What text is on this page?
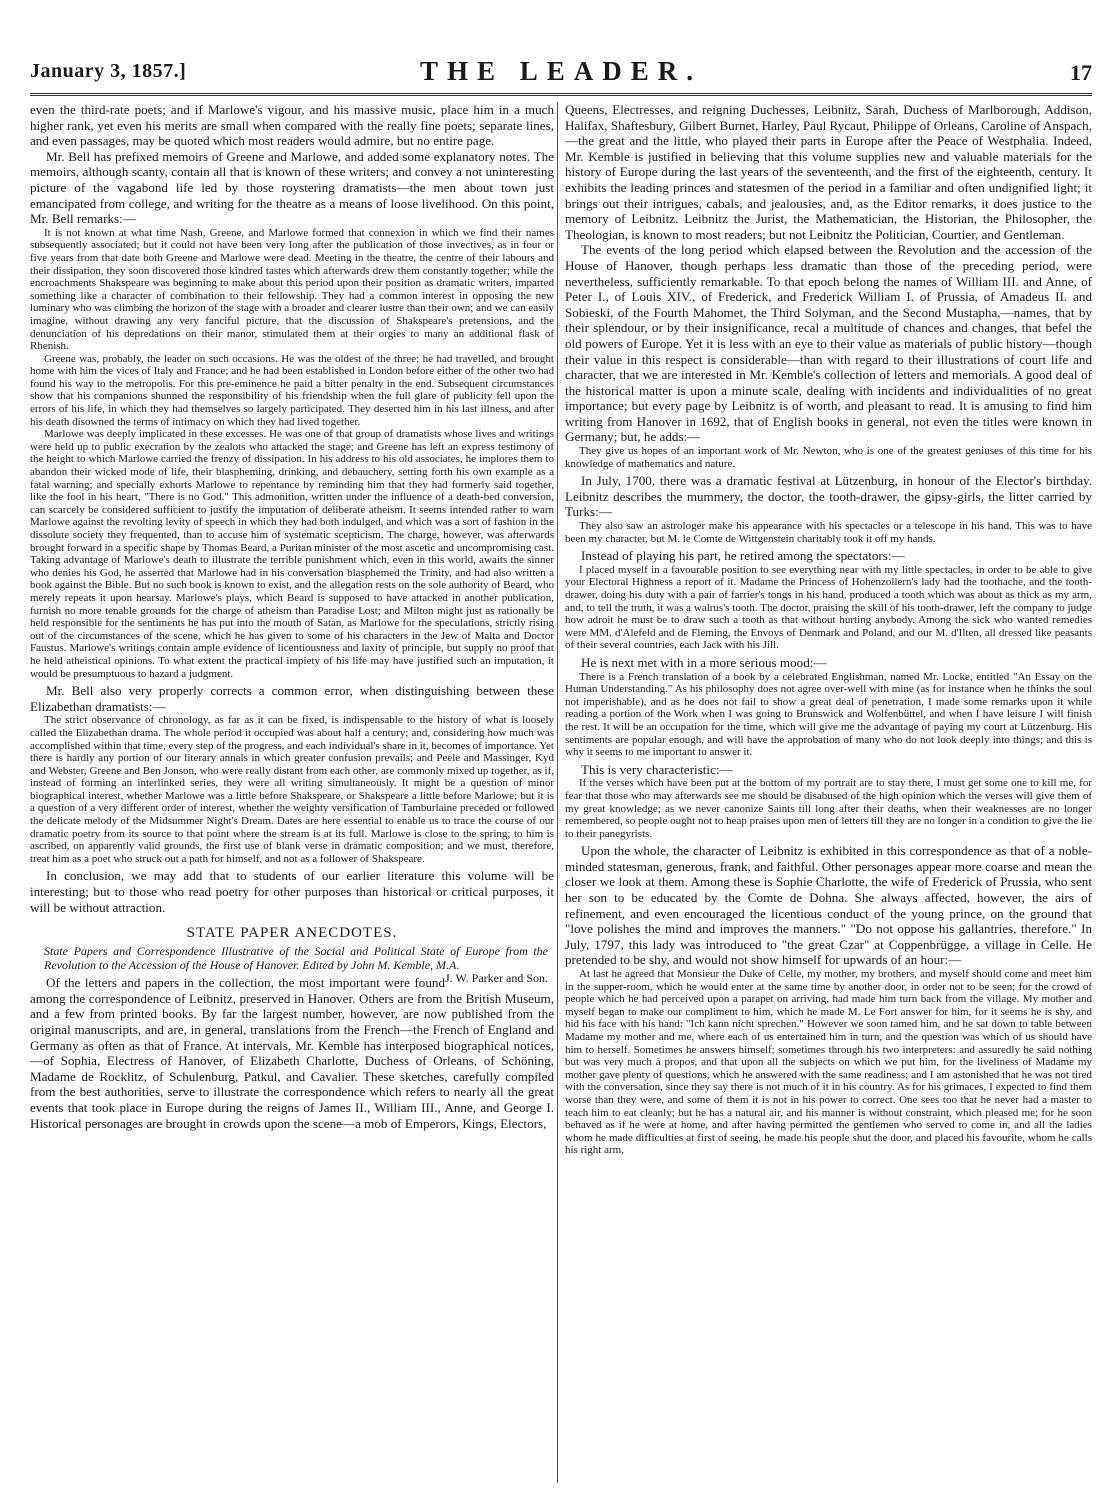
January 3, 1857.]	THE LEADER.	17

even the third-rate poets; and if Marlowe's vigour, and his massive music, place him in a much higher rank, yet even his merits are small when compared with the really fine poets; separate lines, and even passages, may be quoted which most readers would admire, but no entire page.

Mr. Bell has prefixed memoirs of Greene and Marlowe, and added some explanatory notes. The memoirs, although scanty, contain all that is known of these writers; and convey a not uninteresting picture of the vagabond life led by those roystering dramatists—the men about town just emancipated from college, and writing for the theatre as a means of loose livelihood. On this point, Mr. Bell remarks:—

It is not known at what time Nash, Greene, and Marlowe formed that connexion in which we find their names subsequently associated; but it could not have been very long after the publication of those invectives, as in four or five years from that date both Greene and Marlowe were dead. Meeting in the theatre, the centre of their labours and their dissipation, they soon discovered those kindred tastes which afterwards drew them constantly together; while the encroachments Shakspeare was beginning to make about this period upon their position as dramatic writers, imparted something like a character of combination to their fellowship. They had a common interest in opposing the new luminary who was climbing the horizon of the stage with a broader and clearer lustre than their own; and we can easily imagine, without drawing any very fanciful picture, that the discussion of Shakspeare's pretensions, and the denunciation of his depredations on their manor, stimulated them at their orgies to many an additional flask of Rhenish.

Greene was, probably, the leader on such occasions. He was the oldest of the three; he had travelled, and brought home with him the vices of Italy and France; and he had been established in London before either of the other two had found his way to the metropolis. For this pre-eminence he paid a bitter penalty in the end. Subsequent circumstances show that his companions shunned the responsibility of his friendship when the full glare of publicity fell upon the errors of his life, in which they had themselves so largely participated. They deserted him in his last illness, and after his death disowned the terms of intimacy on which they had lived together.

Marlowe was deeply implicated in these excesses. He was one of that group of dramatists whose lives and writings were held up to public execration by the zealots who attacked the stage; and Greene has left an express testimony of the height to which Marlowe carried the frenzy of dissipation. In his address to his old associates, he implores them to abandon their wicked mode of life, their blaspheming, drinking, and debauchery, setting forth his own example as a fatal warning; and specially exhorts Marlowe to repentance by reminding him that they had formerly said together, like the fool in his heart, "There is no God." This admonition, written under the influence of a death-bed conversion, can scarcely be considered sufficient to justify the imputation of deliberate atheism. It seems intended rather to warn Marlowe against the revolting levity of speech in which they had both indulged, and which was a sort of fashion in the dissolute society they frequented, than to accuse him of systematic scepticism. The charge, however, was afterwards brought forward in a specific shape by Thomas Beard, a Puritan minister of the most ascetic and uncompromising cast. Taking advantage of Marlowe's death to illustrate the terrible punishment which, even in this world, awaits the sinner who denies his God, he asserted that Marlowe had in his conversation blasphemed the Trinity, and had also written a book against the Bible. But no such book is known to exist, and the allegation rests on the sole authority of Beard, who merely repeats it upon hearsay. Marlowe's plays, which Beard is supposed to have attacked in another publication, furnish no more tenable grounds for the charge of atheism than Paradise Lost; and Milton might just as rationally be held responsible for the sentiments he has put into the mouth of Satan, as Marlowe for the speculations, strictly rising out of the circumstances of the scene, which he has given to some of his characters in the Jew of Malta and Doctor Faustus. Marlowe's writings contain ample evidence of licentiousness and laxity of principle, but supply no proof that he held atheistical opinions. To what extent the practical impiety of his life may have justified such an imputation, it would be presumptuous to hazard a judgment.

Mr. Bell also very properly corrects a common error, when distinguishing between these Elizabethan dramatists:—

The strict observance of chronology, as far as it can be fixed, is indispensable to the history of what is loosely called the Elizabethan drama. The whole period it occupied was about half a century; and, considering how much was accomplished within that time, every step of the progress, and each individual's share in it, becomes of importance. Yet there is hardly any portion of our literary annals in which greater confusion prevails; and Peele and Massinger, Kyd and Webster, Greene and Ben Jonson, who were really distant from each other, are commonly mixed up together, as if, instead of forming an interlinked series, they were all writing simultaneously. It might be a question of minor biographical interest, whether Marlowe was a little before Shakspeare, or Shakspeare a little before Marlowe; but it is a question of a very different order of interest, whether the weighty versification of Tamburlaine preceded or followed the delicate melody of the Midsummer Night's Dream. Dates are here essential to enable us to trace the course of our dramatic poetry from its source to that point where the stream is at its full. Marlowe is close to the spring; to him is ascribed, on apparently valid grounds, the first use of blank verse in dramatic composition; and we must, therefore, treat him as a poet who struck out a path for himself, and not as a follower of Shakspeare.

In conclusion, we may add that to students of our earlier literature this volume will be interesting; but to those who read poetry for other purposes than historical or critical purposes, it will be without attraction.

STATE PAPER ANECDOTES.

State Papers and Correspondence Illustrative of the Social and Political State of Europe from the Revolution to the Accession of the House of Hanover. Edited by John M. Kemble, M.A.
J. W. Parker and Son.

Of the letters and papers in the collection, the most important were found among the correspondence of Leibnitz, preserved in Hanover. Others are from the British Museum, and a few from printed books. By far the largest number, however, are now published from the original manuscripts, and are, in general, translations from the French—the French of England and Germany as often as that of France. At intervals, Mr. Kemble has interposed biographical notices,—of Sophia, Electress of Hanover, of Elizabeth Charlotte, Duchess of Orleans, of Schöning, Madame de Rocklitz, of Schulenburg, Patkul, and Cavalier. These sketches, carefully compiled from the best authorities, serve to illustrate the correspondence which refers to nearly all the great events that took place in Europe during the reigns of James II., William III., Anne, and George I. Historical personages are brought in crowds upon the scene—a mob of Emperors, Kings, Electors,

Queens, Electresses, and reigning Duchesses, Leibnitz, Sarah, Duchess of Marlborough, Addison, Halifax, Shaftesbury, Gilbert Burnet, Harley, Paul Rycaut, Philippe of Orleans, Caroline of Anspach,—the great and the little, who played their parts in Europe after the Peace of Westphalia. Indeed, Mr. Kemble is justified in believing that this volume supplies new and valuable materials for the history of Europe during the last years of the seventeenth, and the first of the eighteenth, century. It exhibits the leading princes and statesmen of the period in a familiar and often undignified light; it brings out their intrigues, cabals, and jealousies, and, as the Editor remarks, it does justice to the memory of Leibnitz. Leibnitz the Jurist, the Mathematician, the Historian, the Philosopher, the Theologian, is known to most readers; but not Leibnitz the Politician, Courtier, and Gentleman.

The events of the long period which elapsed between the Revolution and the accession of the House of Hanover, though perhaps less dramatic than those of the preceding period, were nevertheless, sufficiently remarkable. To that epoch belong the names of William III. and Anne, of Peter I., of Louis XIV., of Frederick, and Frederick William I. of Prussia, of Amadeus II. and Sobieski, of the Fourth Mahomet, the Third Solyman, and the Second Mustapha,—names, that by their splendour, or by their insignificance, recal a multitude of chances and changes, that befel the old powers of Europe. Yet it is less with an eye to their value as materials of public history—though their value in this respect is considerable—than with regard to their illustrations of court life and character, that we are interested in Mr. Kemble's collection of letters and memorials. A good deal of the historical matter is upon a minute scale, dealing with incidents and individualities of no great importance; but every page by Leibnitz is of worth, and pleasant to read. It is amusing to find him writing from Hanover in 1692, that of English books in general, not even the titles were known in Germany; but, he adds:—

They give us hopes of an important work of Mr. Newton, who is one of the greatest geniuses of this time for his knowledge of mathematics and nature.

In July, 1700, there was a dramatic festival at Lützenburg, in honour of the Elector's birthday. Leibnitz describes the mummery, the doctor, the tooth-drawer, the gipsy-girls, the litter carried by Turks:—

They also saw an astrologer make his appearance with his spectacles or a telescope in his hand. This was to have been my character, but M. le Comte de Wittgenstein charitably took it off my hands.

Instead of playing his part, he retired among the spectators:—

I placed myself in a favourable position to see everything near with my little spectacles, in order to be able to give your Electoral Highness a report of it. Madame the Princess of Hohenzollern's lady had the toothache, and the tooth-drawer, doing his duty with a pair of farrier's tongs in his hand, produced a tooth which was about as thick as my arm, and, to tell the truth, it was a walrus's tooth. The doctor, praising the skill of his tooth-drawer, left the company to judge how adroit he must be to draw such a tooth as that without hurting anybody. Among the sick who wanted remedies were MM. d'Alefeld and de Fleming, the Envoys of Denmark and Poland, and our M. d'Ilten, all dressed like peasants of their several countries, each Jack with his Jill.

He is next met with in a more serious mood:—

There is a French translation of a book by a celebrated Englishman, named Mr. Locke, entitled "An Essay on the Human Understanding." As his philosophy does not agree over-well with mine (as for instance when he thinks the soul not imperishable), and as he does not fail to show a great deal of penetration, I made some remarks upon it while reading a portion of the Work when I was going to Brunswick and Wolfenbüttel, and when I have leisure I will finish the rest. It will be an occupation for the time, which will give me the advantage of paying my court at Lützenburg. His sentiments are popular enough, and will have the approbation of many who do not look deeply into things; and this is why it seems to me important to answer it.

This is very characteristic:—

If the verses which have been put at the bottom of my portrait are to stay there, I must get some one to kill me, for fear that those who may afterwards see me should be disabused of the high opinion which the verses will give them of my great knowledge; as we never canonize Saints till long after their deaths, when their weaknesses are no longer remembered, so people ought not to heap praises upon men of letters till they are no longer in a condition to give the lie to their panegyrists.

Upon the whole, the character of Leibnitz is exhibited in this correspondence as that of a noble-minded statesman, generous, frank, and faithful. Other personages appear more coarse and mean the closer we look at them. Among these is Sophie Charlotte, the wife of Frederick of Prussia, who sent her son to be educated by the Comte de Dohna. She always affected, however, the airs of refinement, and even encouraged the licentious conduct of the young prince, on the ground that "love polishes the mind and improves the manners." "Do not oppose his gallantries, therefore." In July, 1797, this lady was introduced to "the great Czar" at Coppenbrügge, a village in Celle. He pretended to be shy, and would not show himself for upwards of an hour:—

At last he agreed that Monsieur the Duke of Celle, my mother, my brothers, and myself should come and meet him in the supper-room, which he would enter at the same time by another door, in order not to be seen; for the crowd of people which he had perceived upon a parapet on arriving, had made him turn back from the village. My mother and myself began to make our compliment to him, which he made M. Le Fort answer for him, for it seems he is shy, and hid his face with his hand: "Ich kann nicht sprechen." However we soon tamed him, and he sat down to table between Madame my mother and me, where each of us entertained him in turn, and the question was which of us should have him to herself. Sometimes he answers himself; sometimes through his two interpreters: and assuredly he said nothing but was very much à propos, and that upon all the subjects on which we put him, for the liveliness of Madame my mother gave plenty of questions, which he answered with the same readiness; and I am astonished that he was not tired with the conversation, since they say there is not much of it in his country. As for his grimaces, I expected to find them worse than they were, and some of them it is not in his power to correct. One sees too that he never had a master to teach him to eat cleanly; but he has a natural air, and his manner is without constraint, which pleased me; for he soon behaved as if he were at home, and after having permitted the gentlemen who served to come in, and all the ladies whom he made difficulties at first of seeing, he made his people shut the door, and placed his favourite, whom he calls his right arm,
